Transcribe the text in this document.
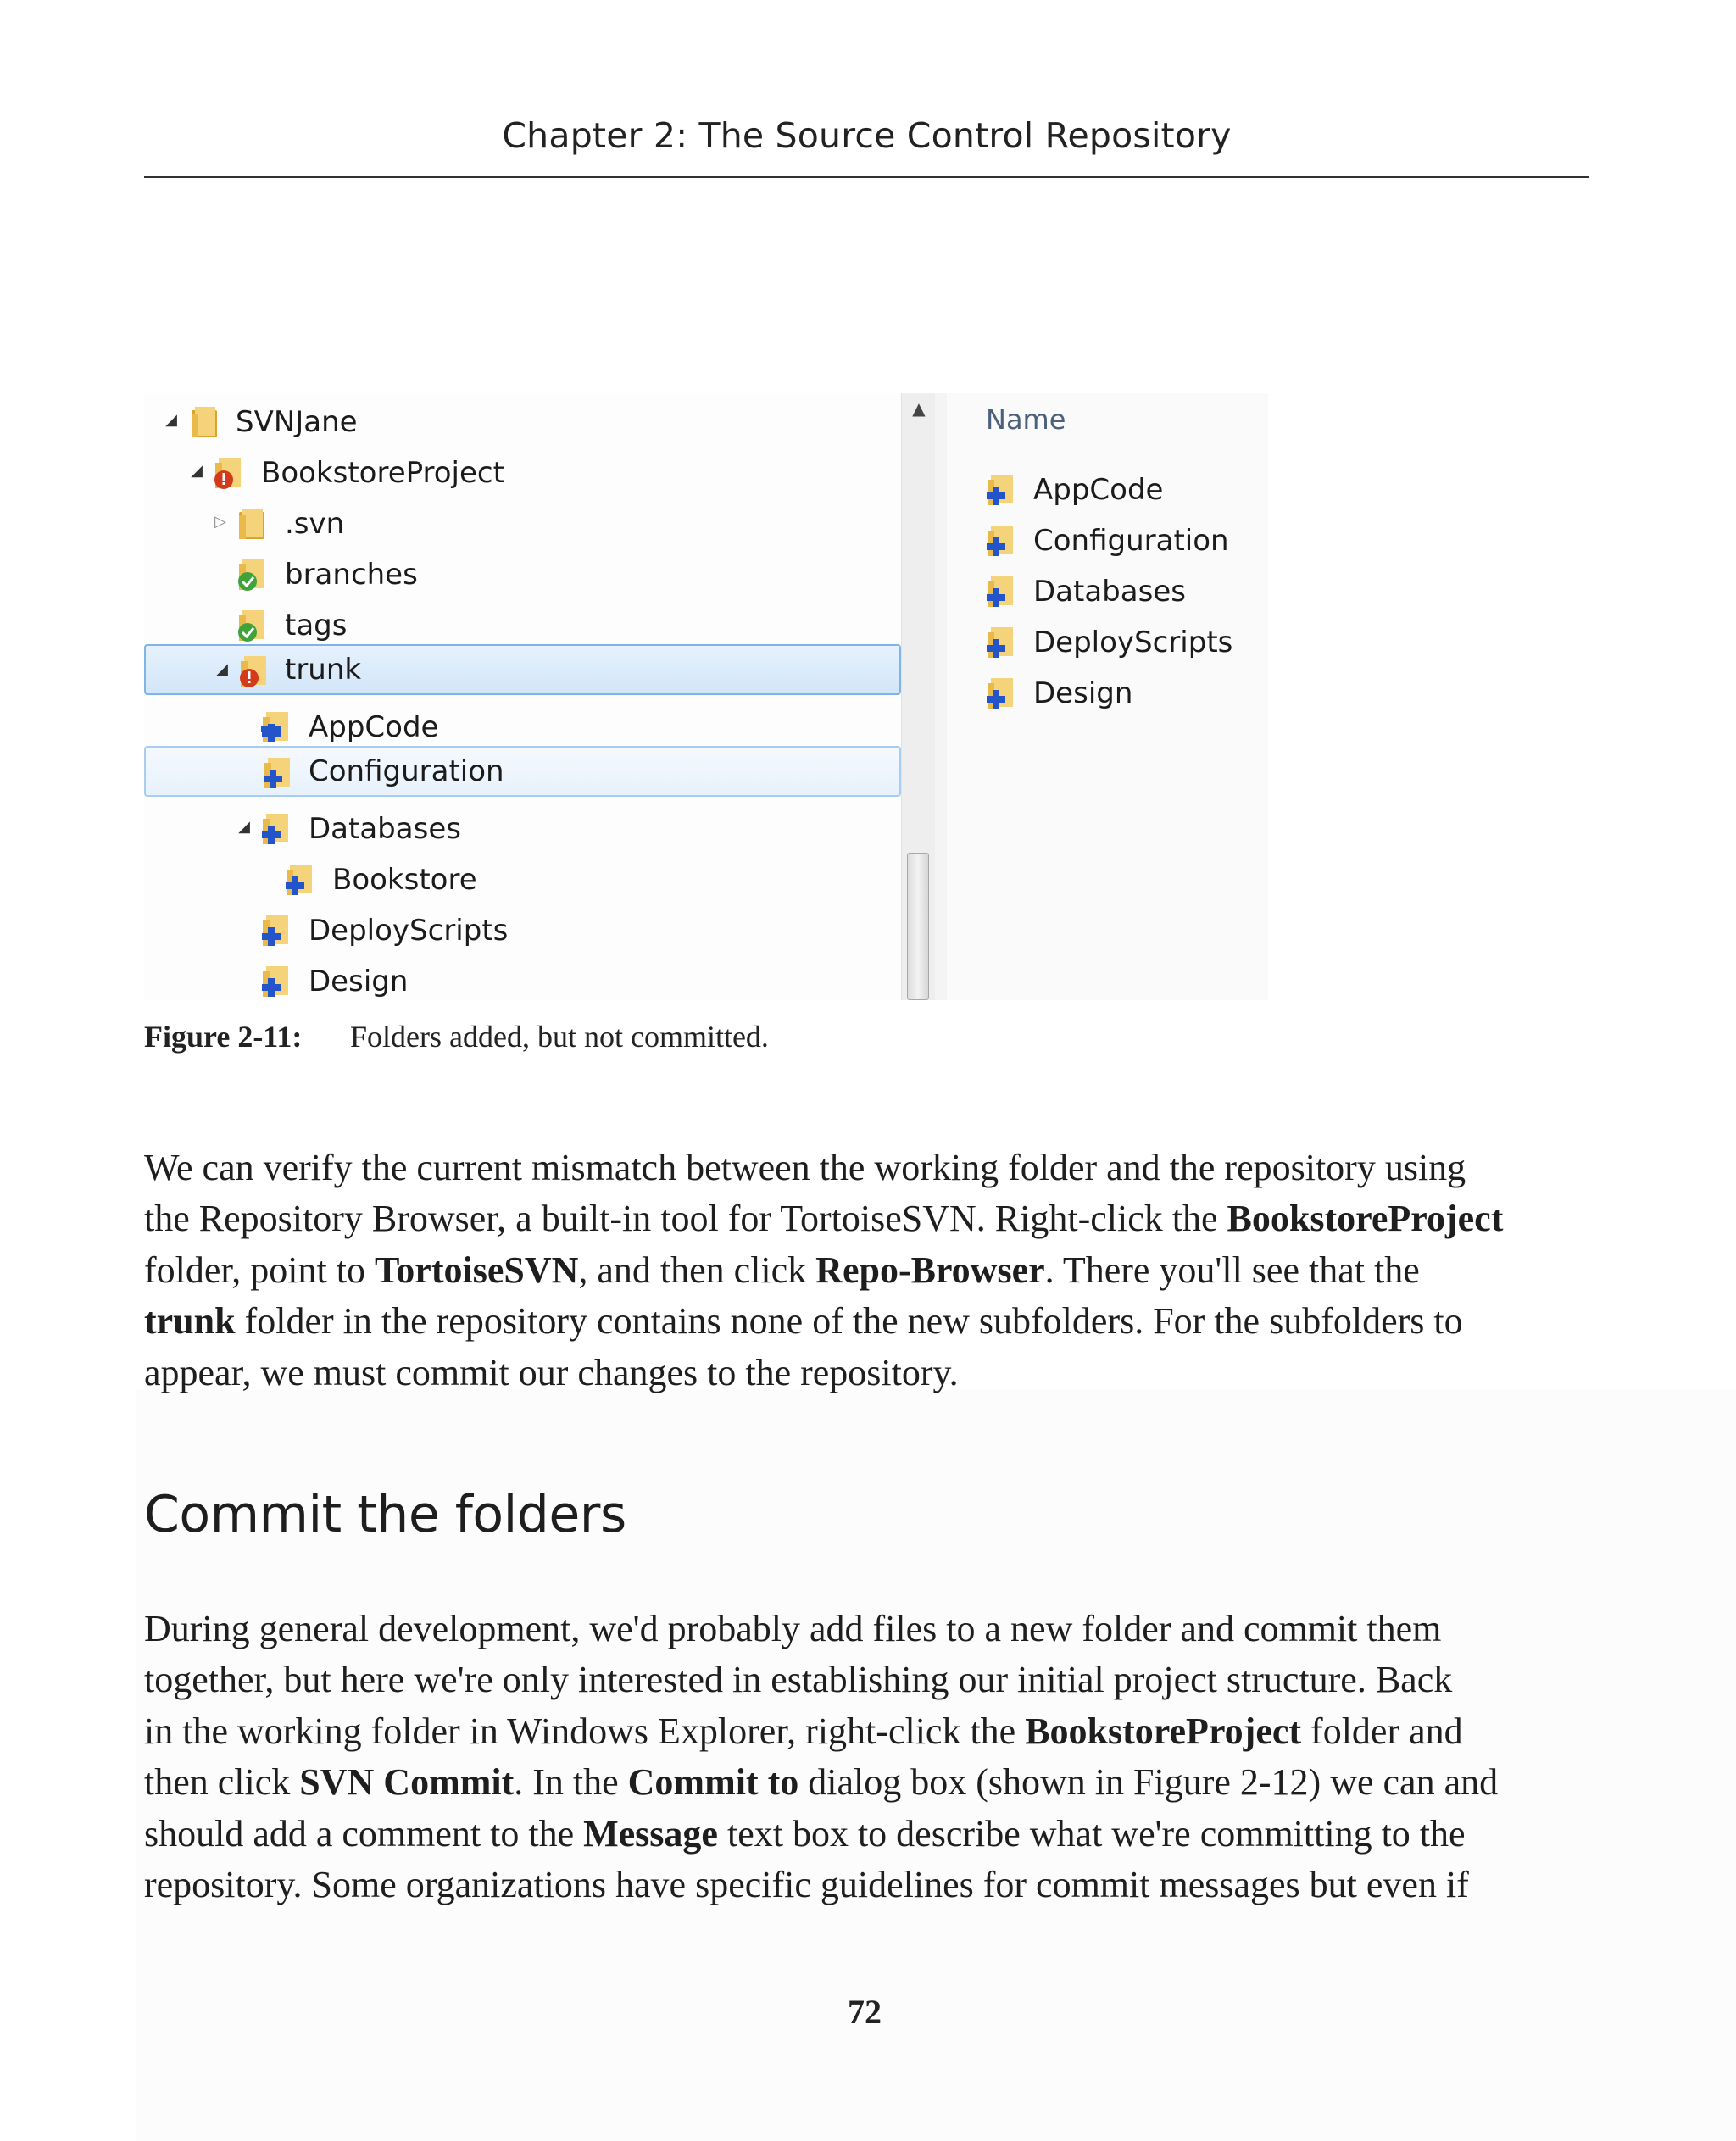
Chapter 2: The Source Control Repository
◢ SVNJane
◢ BookstoreProject
▷ .svn
branches
tags
◢ trunk
AppCode
Configuration
◢ Databases
Bookstore
DeployScripts
Design
▲	Name
AppCode
Configuration
Databases
DeployScripts
Design
Figure 2-11: Folders added, but not committed.
We can verify the current mismatch between the working folder and the repository using
the Repository Browser, a built-in tool for TortoiseSVN. Right-click the BookstoreProject
folder, point to TortoiseSVN, and then click Repo-Browser. There you'll see that the
trunk folder in the repository contains none of the new subfolders. For the subfolders to
appear, we must commit our changes to the repository.
Commit the folders
During general development, we'd probably add files to a new folder and commit them
together, but here we're only interested in establishing our initial project structure. Back
in the working folder in Windows Explorer, right-click the BookstoreProject folder and
then click SVN Commit. In the Commit to dialog box (shown in Figure 2-12) we can and
should add a comment to the Message text box to describe what we're committing to the
repository. Some organizations have specific guidelines for commit messages but even if
72
